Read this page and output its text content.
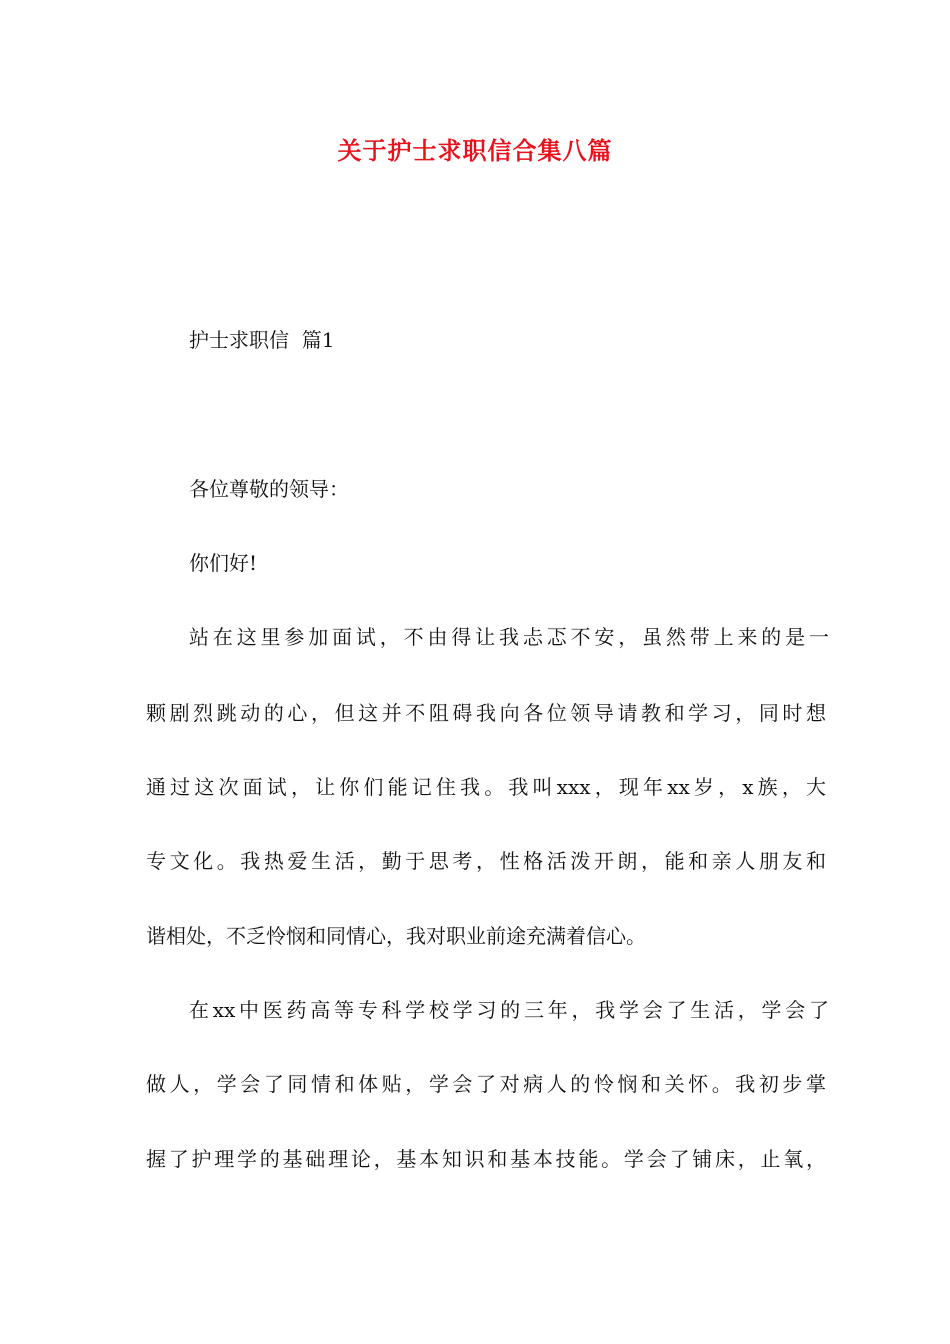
关于护士求职信合集八篇
护士求职信  篇1
各位尊敬的领导：
你们好!
站在这里参加面试，不由得让我忐忑不安，虽然带上来的是一
颗剧烈跳动的心，但这并不阻碍我向各位领导请教和学习，同时想
通过这次面试，让你们能记住我。我叫xxx，现年xx岁，x族，大
专文化。我热爱生活，勤于思考，性格活泼开朗，能和亲人朋友和
谐相处，不乏怜悯和同情心，我对职业前途充满着信心。
在xx中医药高等专科学校学习的三年，我学会了生活，学会了
做人，学会了同情和体贴，学会了对病人的怜悯和关怀。我初步掌
握了护理学的基础理论，基本知识和基本技能。学会了铺床，止氧，
